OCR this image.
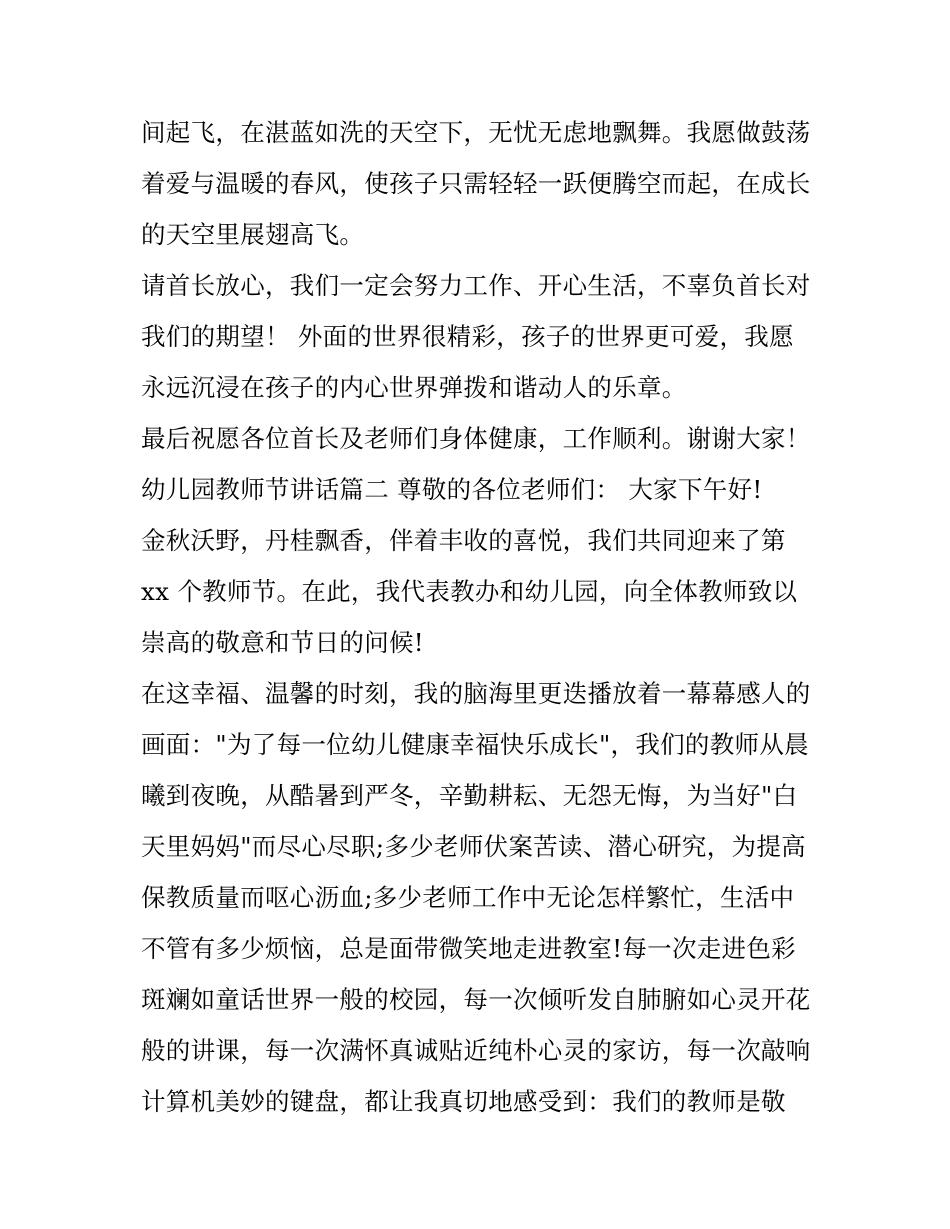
间起飞，在湛蓝如洗的天空下，无忧无虑地飘舞。我愿做鼓荡
着爱与温暖的春风，使孩子只需轻轻一跃便腾空而起，在成长
的天空里展翅高飞。
请首长放心，我们一定会努力工作、开心生活，不辜负首长对
我们的期望！ 外面的世界很精彩，孩子的世界更可爱，我愿
永远沉浸在孩子的内心世界弹拨和谐动人的乐章。
最后祝愿各位首长及老师们身体健康，工作顺利。谢谢大家！
幼儿园教师节讲话篇二 尊敬的各位老师们： 大家下午好!
金秋沃野，丹桂飘香，伴着丰收的喜悦，我们共同迎来了第
xx 个教师节。在此，我代表教办和幼儿园，向全体教师致以
崇高的敬意和节日的问候!
在这幸福、温馨的时刻，我的脑海里更迭播放着一幕幕感人的
画面："为了每一位幼儿健康幸福快乐成长"，我们的教师从晨
曦到夜晚，从酷暑到严冬，辛勤耕耘、无怨无悔，为当好"白
天里妈妈"而尽心尽职;多少老师伏案苦读、潜心研究，为提高
保教质量而呕心沥血;多少老师工作中无论怎样繁忙，生活中
不管有多少烦恼，总是面带微笑地走进教室!每一次走进色彩
斑斓如童话世界一般的校园，每一次倾听发自肺腑如心灵开花
般的讲课，每一次满怀真诚贴近纯朴心灵的家访，每一次敲响
计算机美妙的键盘，都让我真切地感受到：我们的教师是敬
